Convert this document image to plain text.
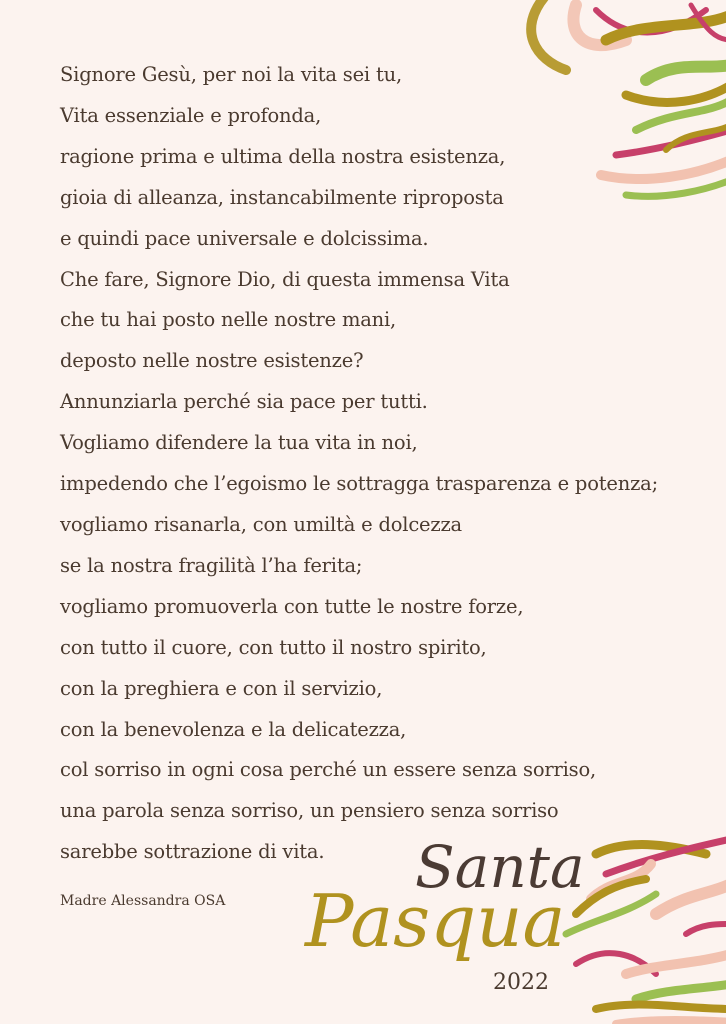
Signore Gesù, per noi la vita sei tu,
Vita essenziale e profonda,
ragione prima e ultima della nostra esistenza,
gioia di alleanza, instancabilmente riproposta
e quindi pace universale e dolcissima.
Che fare, Signore Dio, di questa immensa Vita
che tu hai posto nelle nostre mani,
deposto nelle nostre esistenze?
Annunziarla perché sia pace per tutti.
Vogliamo difendere la tua vita in noi,
impedendo che l’egoismo le sottragga trasparenza e potenza;
vogliamo risanarla, con umiltà e dolcezza
se la nostra fragilità l’ha ferita;
vogliamo promuoverla con tutte le nostre forze,
con tutto il cuore, con tutto il nostro spirito,
con la preghiera e con il servizio,
con la benevolenza e la delicatezza,
col sorriso in ogni cosa perché un essere senza sorriso,
una parola senza sorriso, un pensiero senza sorriso
sarebbe sottrazione di vita.
Madre Alessandra OSA	Santa
Pasqua
2022
